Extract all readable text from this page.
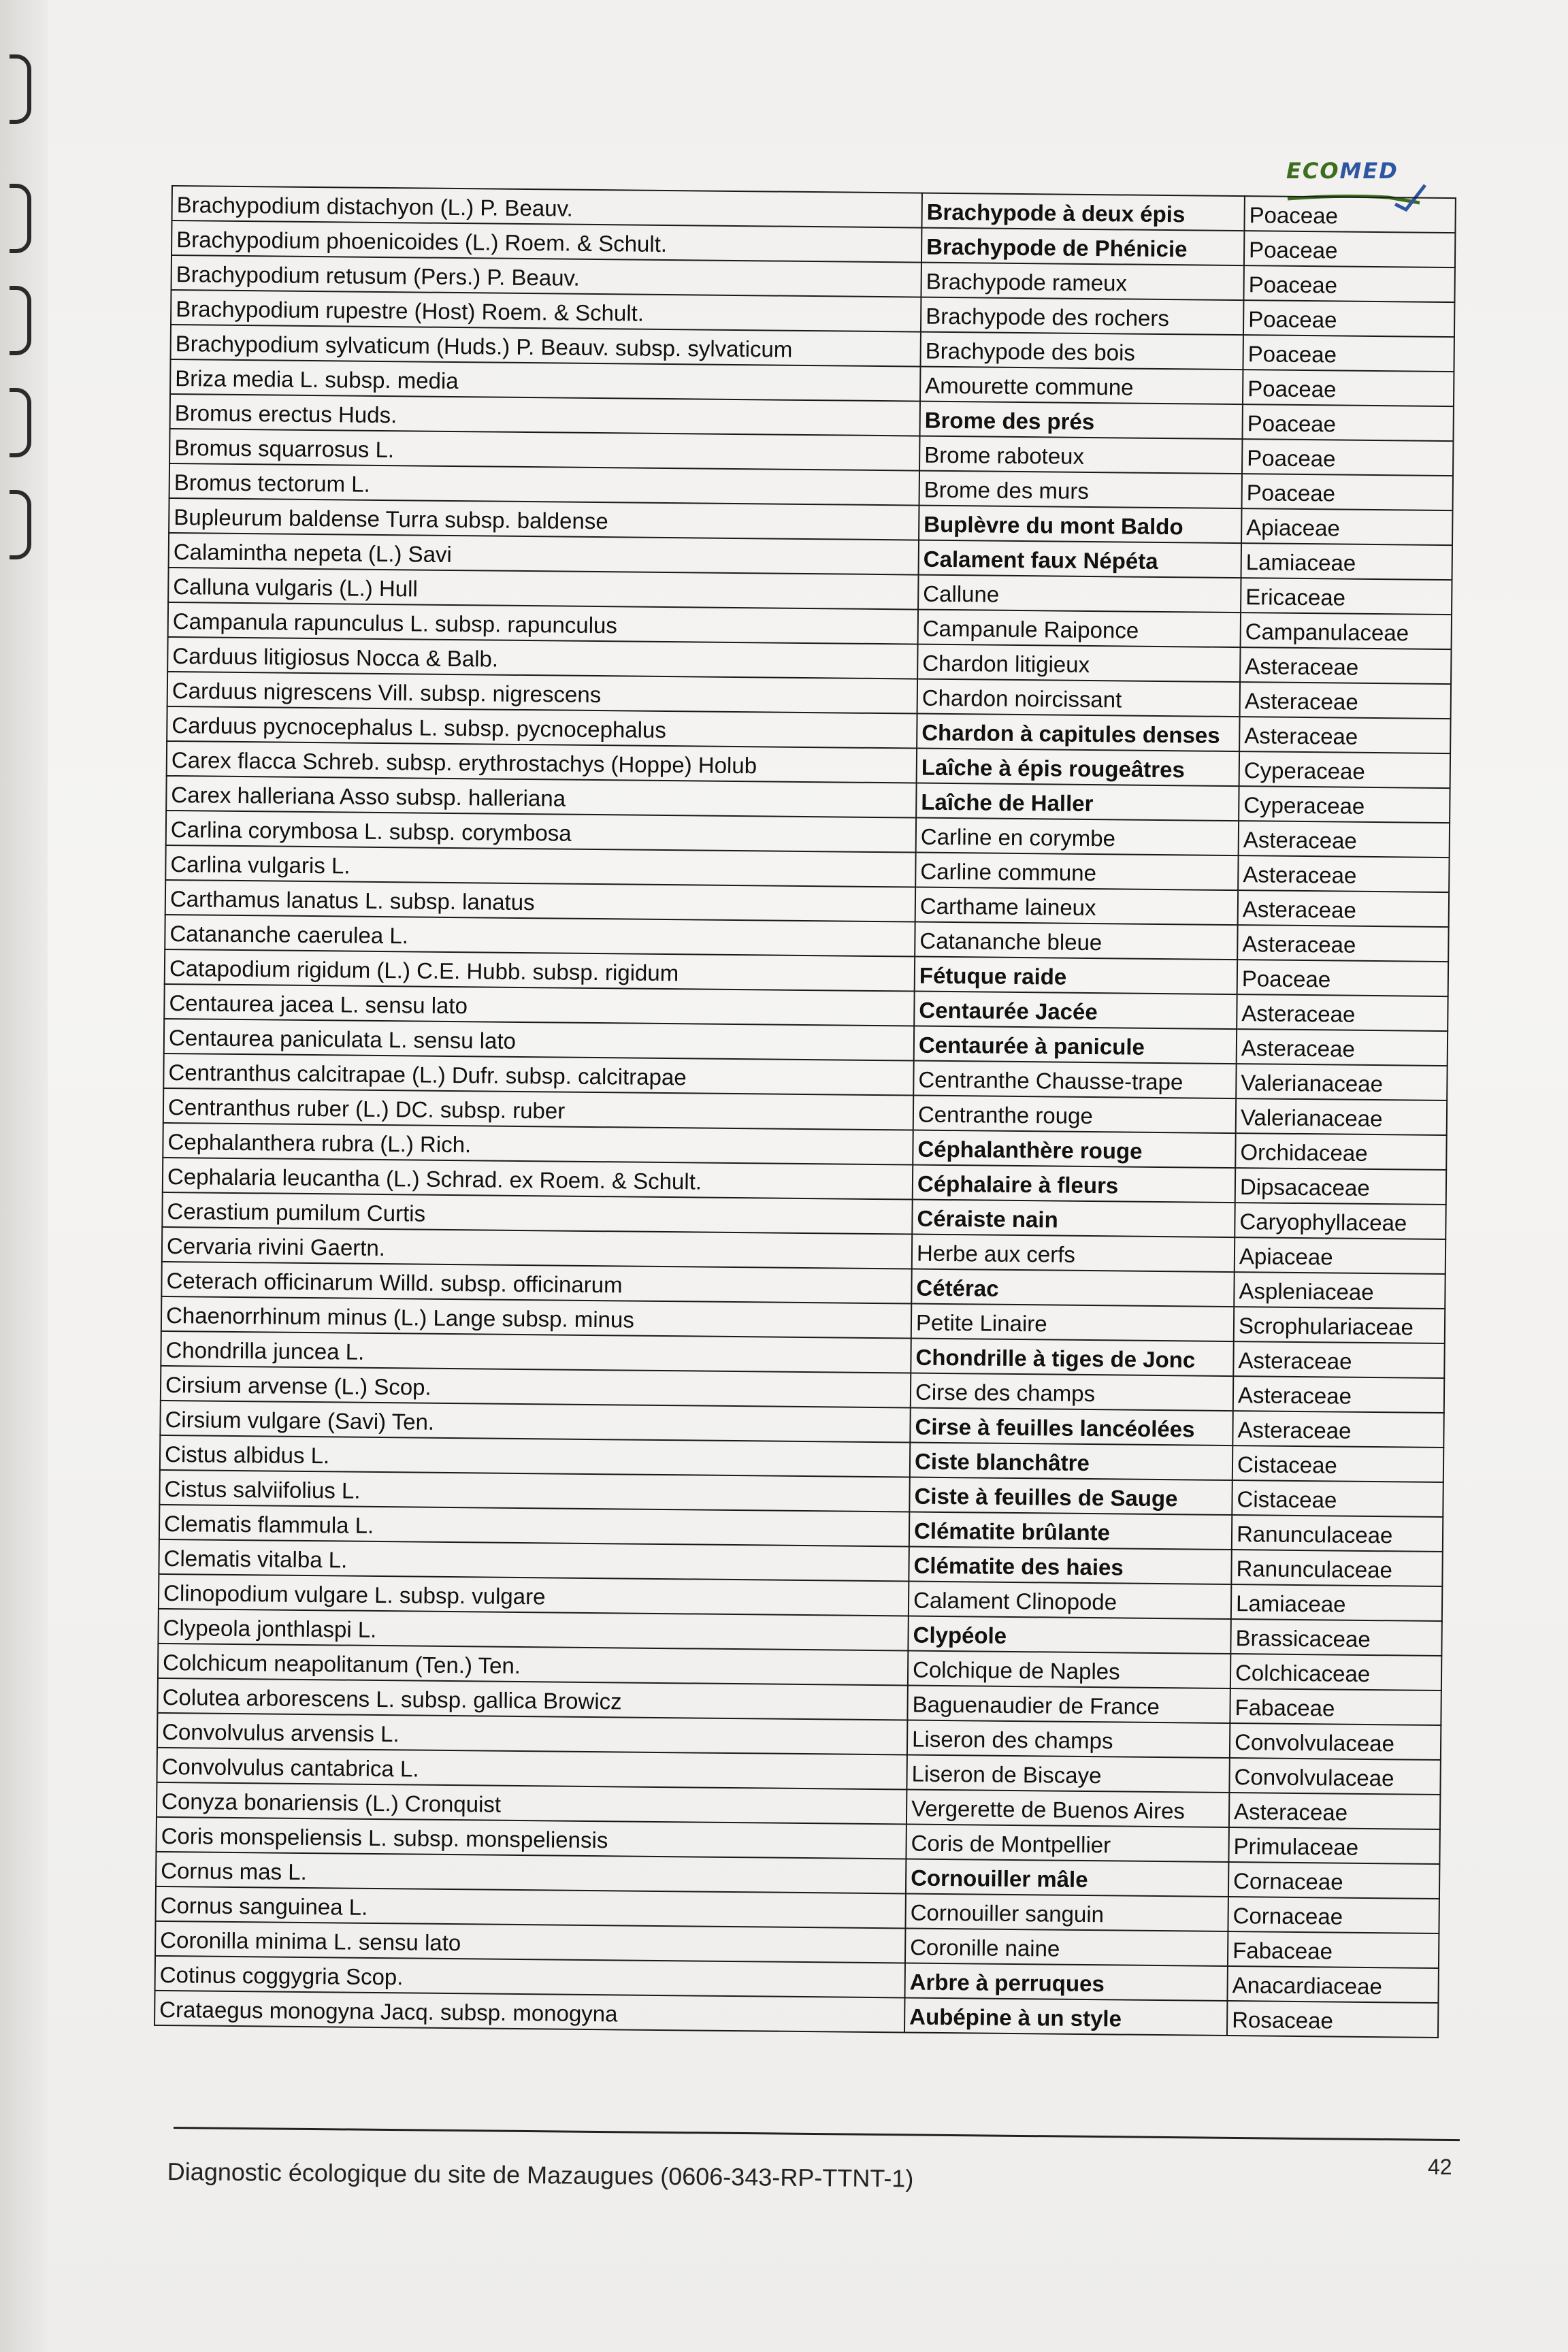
ECOMED
Brachypodium distachyon (L.) P. Beauv.	Brachypode à deux épis	Poaceae
Brachypodium phoenicoides (L.) Roem. & Schult.	Brachypode de Phénicie	Poaceae
Brachypodium retusum (Pers.) P. Beauv.	Brachypode rameux	Poaceae
Brachypodium rupestre (Host) Roem. & Schult.	Brachypode des rochers	Poaceae
Brachypodium sylvaticum (Huds.) P. Beauv. subsp. sylvaticum	Brachypode des bois	Poaceae
Briza media L. subsp. media	Amourette commune	Poaceae
Bromus erectus Huds.	Brome des prés	Poaceae
Bromus squarrosus L.	Brome raboteux	Poaceae
Bromus tectorum L.	Brome des murs	Poaceae
Bupleurum baldense Turra subsp. baldense	Buplèvre du mont Baldo	Apiaceae
Calamintha nepeta (L.) Savi	Calament faux Népéta	Lamiaceae
Calluna vulgaris (L.) Hull	Callune	Ericaceae
Campanula rapunculus L. subsp. rapunculus	Campanule Raiponce	Campanulaceae
Carduus litigiosus Nocca & Balb.	Chardon litigieux	Asteraceae
Carduus nigrescens Vill. subsp. nigrescens	Chardon noircissant	Asteraceae
Carduus pycnocephalus L. subsp. pycnocephalus	Chardon à capitules denses	Asteraceae
Carex flacca Schreb. subsp. erythrostachys (Hoppe) Holub	Laîche à épis rougeâtres	Cyperaceae
Carex halleriana Asso subsp. halleriana	Laîche de Haller	Cyperaceae
Carlina corymbosa L. subsp. corymbosa	Carline en corymbe	Asteraceae
Carlina vulgaris L.	Carline commune	Asteraceae
Carthamus lanatus L. subsp. lanatus	Carthame laineux	Asteraceae
Catananche caerulea L.	Catananche bleue	Asteraceae
Catapodium rigidum (L.) C.E. Hubb. subsp. rigidum	Fétuque raide	Poaceae
Centaurea jacea L. sensu lato	Centaurée Jacée	Asteraceae
Centaurea paniculata L. sensu lato	Centaurée à panicule	Asteraceae
Centranthus calcitrapae (L.) Dufr. subsp. calcitrapae	Centranthe Chausse-trape	Valerianaceae
Centranthus ruber (L.) DC. subsp. ruber	Centranthe rouge	Valerianaceae
Cephalanthera rubra (L.) Rich.	Céphalanthère rouge	Orchidaceae
Cephalaria leucantha (L.) Schrad. ex Roem. & Schult.	Céphalaire à fleurs	Dipsacaceae
Cerastium pumilum Curtis	Céraiste nain	Caryophyllaceae
Cervaria rivini Gaertn.	Herbe aux cerfs	Apiaceae
Ceterach officinarum Willd. subsp. officinarum	Cétérac	Aspleniaceae
Chaenorrhinum minus (L.) Lange subsp. minus	Petite Linaire	Scrophulariaceae
Chondrilla juncea L.	Chondrille à tiges de Jonc	Asteraceae
Cirsium arvense (L.) Scop.	Cirse des champs	Asteraceae
Cirsium vulgare (Savi) Ten.	Cirse à feuilles lancéolées	Asteraceae
Cistus albidus L.	Ciste blanchâtre	Cistaceae
Cistus salviifolius L.	Ciste à feuilles de Sauge	Cistaceae
Clematis flammula L.	Clématite brûlante	Ranunculaceae
Clematis vitalba L.	Clématite des haies	Ranunculaceae
Clinopodium vulgare L. subsp. vulgare	Calament Clinopode	Lamiaceae
Clypeola jonthlaspi L.	Clypéole	Brassicaceae
Colchicum neapolitanum (Ten.) Ten.	Colchique de Naples	Colchicaceae
Colutea arborescens L. subsp. gallica Browicz	Baguenaudier de France	Fabaceae
Convolvulus arvensis L.	Liseron des champs	Convolvulaceae
Convolvulus cantabrica L.	Liseron de Biscaye	Convolvulaceae
Conyza bonariensis (L.) Cronquist	Vergerette de Buenos Aires	Asteraceae
Coris monspeliensis L. subsp. monspeliensis	Coris de Montpellier	Primulaceae
Cornus mas L.	Cornouiller mâle	Cornaceae
Cornus sanguinea L.	Cornouiller sanguin	Cornaceae
Coronilla minima L. sensu lato	Coronille naine	Fabaceae
Cotinus coggygria Scop.	Arbre à perruques	Anacardiaceae
Crataegus monogyna Jacq. subsp. monogyna	Aubépine à un style	Rosaceae
Diagnostic écologique du site de Mazaugues (0606-343-RP-TTNT-1)	42
